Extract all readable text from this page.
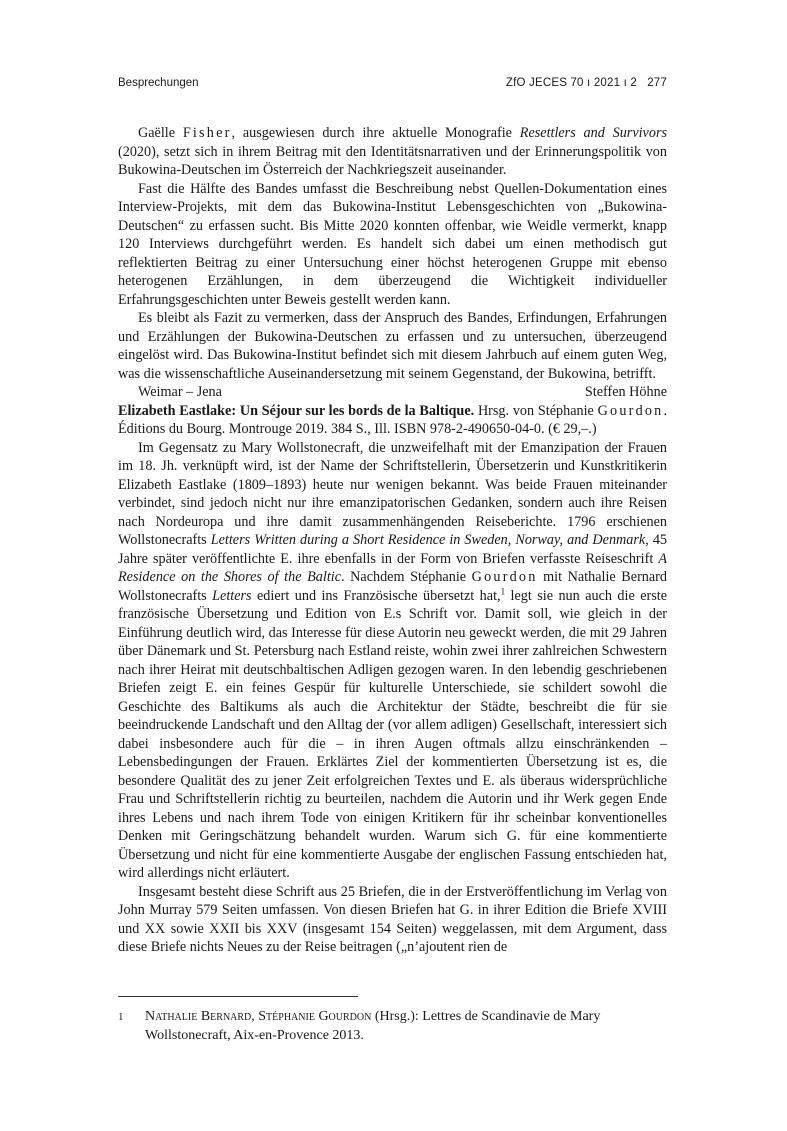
Besprechungen	ZfO JECES 70 ı 2021 ı 2 277

Gaëlle Fisher, ausgewiesen durch ihre aktuelle Monografie Resettlers and Survivors (2020), setzt sich in ihrem Beitrag mit den Identitätsnarrativen und der Erinnerungspolitik von Bukowina-Deutschen im Österreich der Nachkriegszeit auseinander.

Fast die Hälfte des Bandes umfasst die Beschreibung nebst Quellen-Dokumentation eines Interview-Projekts, mit dem das Bukowina-Institut Lebensgeschichten von „Bukowina-Deutschen“ zu erfassen sucht. Bis Mitte 2020 konnten offenbar, wie Weidle vermerkt, knapp 120 Interviews durchgeführt werden. Es handelt sich dabei um einen methodisch gut reflektierten Beitrag zu einer Untersuchung einer höchst heterogenen Gruppe mit ebenso heterogenen Erzählungen, in dem überzeugend die Wichtigkeit individueller Erfahrungsgeschichten unter Beweis gestellt werden kann.

Es bleibt als Fazit zu vermerken, dass der Anspruch des Bandes, Erfindungen, Erfahrungen und Erzählungen der Bukowina-Deutschen zu erfassen und zu untersuchen, überzeugend eingelöst wird. Das Bukowina-Institut befindet sich mit diesem Jahrbuch auf einem guten Weg, was die wissenschaftliche Auseinandersetzung mit seinem Gegenstand, der Bukowina, betrifft.

Weimar – Jena	Steffen Höhne

Elizabeth Eastlake: Un Séjour sur les bords de la Baltique. Hrsg. von Stéphanie Gourdon. Éditions du Bourg. Montrouge 2019. 384 S., Ill. ISBN 978-2-490650-04-0. (€ 29,–.)

Im Gegensatz zu Mary Wollstonecraft, die unzweifelhaft mit der Emanzipation der Frauen im 18. Jh. verknüpft wird, ist der Name der Schriftstellerin, Übersetzerin und Kunstkritikerin Elizabeth Eastlake (1809–1893) heute nur wenigen bekannt. Was beide Frauen miteinander verbindet, sind jedoch nicht nur ihre emanzipatorischen Gedanken, sondern auch ihre Reisen nach Nordeuropa und ihre damit zusammenhängenden Reiseberichte. 1796 erschienen Wollstonecrafts Letters Written during a Short Residence in Sweden, Norway, and Denmark, 45 Jahre später veröffentlichte E. ihre ebenfalls in der Form von Briefen verfasste Reiseschrift A Residence on the Shores of the Baltic. Nachdem Stéphanie Gourdon mit Nathalie Bernard Wollstonecrafts Letters ediert und ins Französische übersetzt hat,$^1$ legt sie nun auch die erste französische Übersetzung und Edition von E.s Schrift vor. Damit soll, wie gleich in der Einführung deutlich wird, das Interesse für diese Autorin neu geweckt werden, die mit 29 Jahren über Dänemark und St. Petersburg nach Estland reiste, wohin zwei ihrer zahlreichen Schwestern nach ihrer Heirat mit deutschbaltischen Adligen gezogen waren. In den lebendig geschriebenen Briefen zeigt E. ein feines Gespür für kulturelle Unterschiede, sie schildert sowohl die Geschichte des Baltikums als auch die Architektur der Städte, beschreibt die für sie beeindruckende Landschaft und den Alltag der (vor allem adligen) Gesellschaft, interessiert sich dabei insbesondere auch für die – in ihren Augen oftmals allzu einschränkenden – Lebensbedingungen der Frauen. Erklärtes Ziel der kommentierten Übersetzung ist es, die besondere Qualität des zu jener Zeit erfolgreichen Textes und E. als überaus widersprüchliche Frau und Schriftstellerin richtig zu beurteilen, nachdem die Autorin und ihr Werk gegen Ende ihres Lebens und nach ihrem Tode von einigen Kritikern für ihr scheinbar konventionelles Denken mit Geringschätzung behandelt wurden. Warum sich G. für eine kommentierte Übersetzung und nicht für eine kommentierte Ausgabe der englischen Fassung entschieden hat, wird allerdings nicht erläutert.

Insgesamt besteht diese Schrift aus 25 Briefen, die in der Erstveröffentlichung im Verlag von John Murray 579 Seiten umfassen. Von diesen Briefen hat G. in ihrer Edition die Briefe XVIII und XX sowie XXII bis XXV (insgesamt 154 Seiten) weggelassen, mit dem Argument, dass diese Briefe nichts Neues zu der Reise beitragen („n’ajoutent rien de

1 Nathalie Bernard, Stéphanie Gourdon (Hrsg.): Lettres de Scandinavie de Mary Wollstonecraft, Aix-en-Provence 2013.
